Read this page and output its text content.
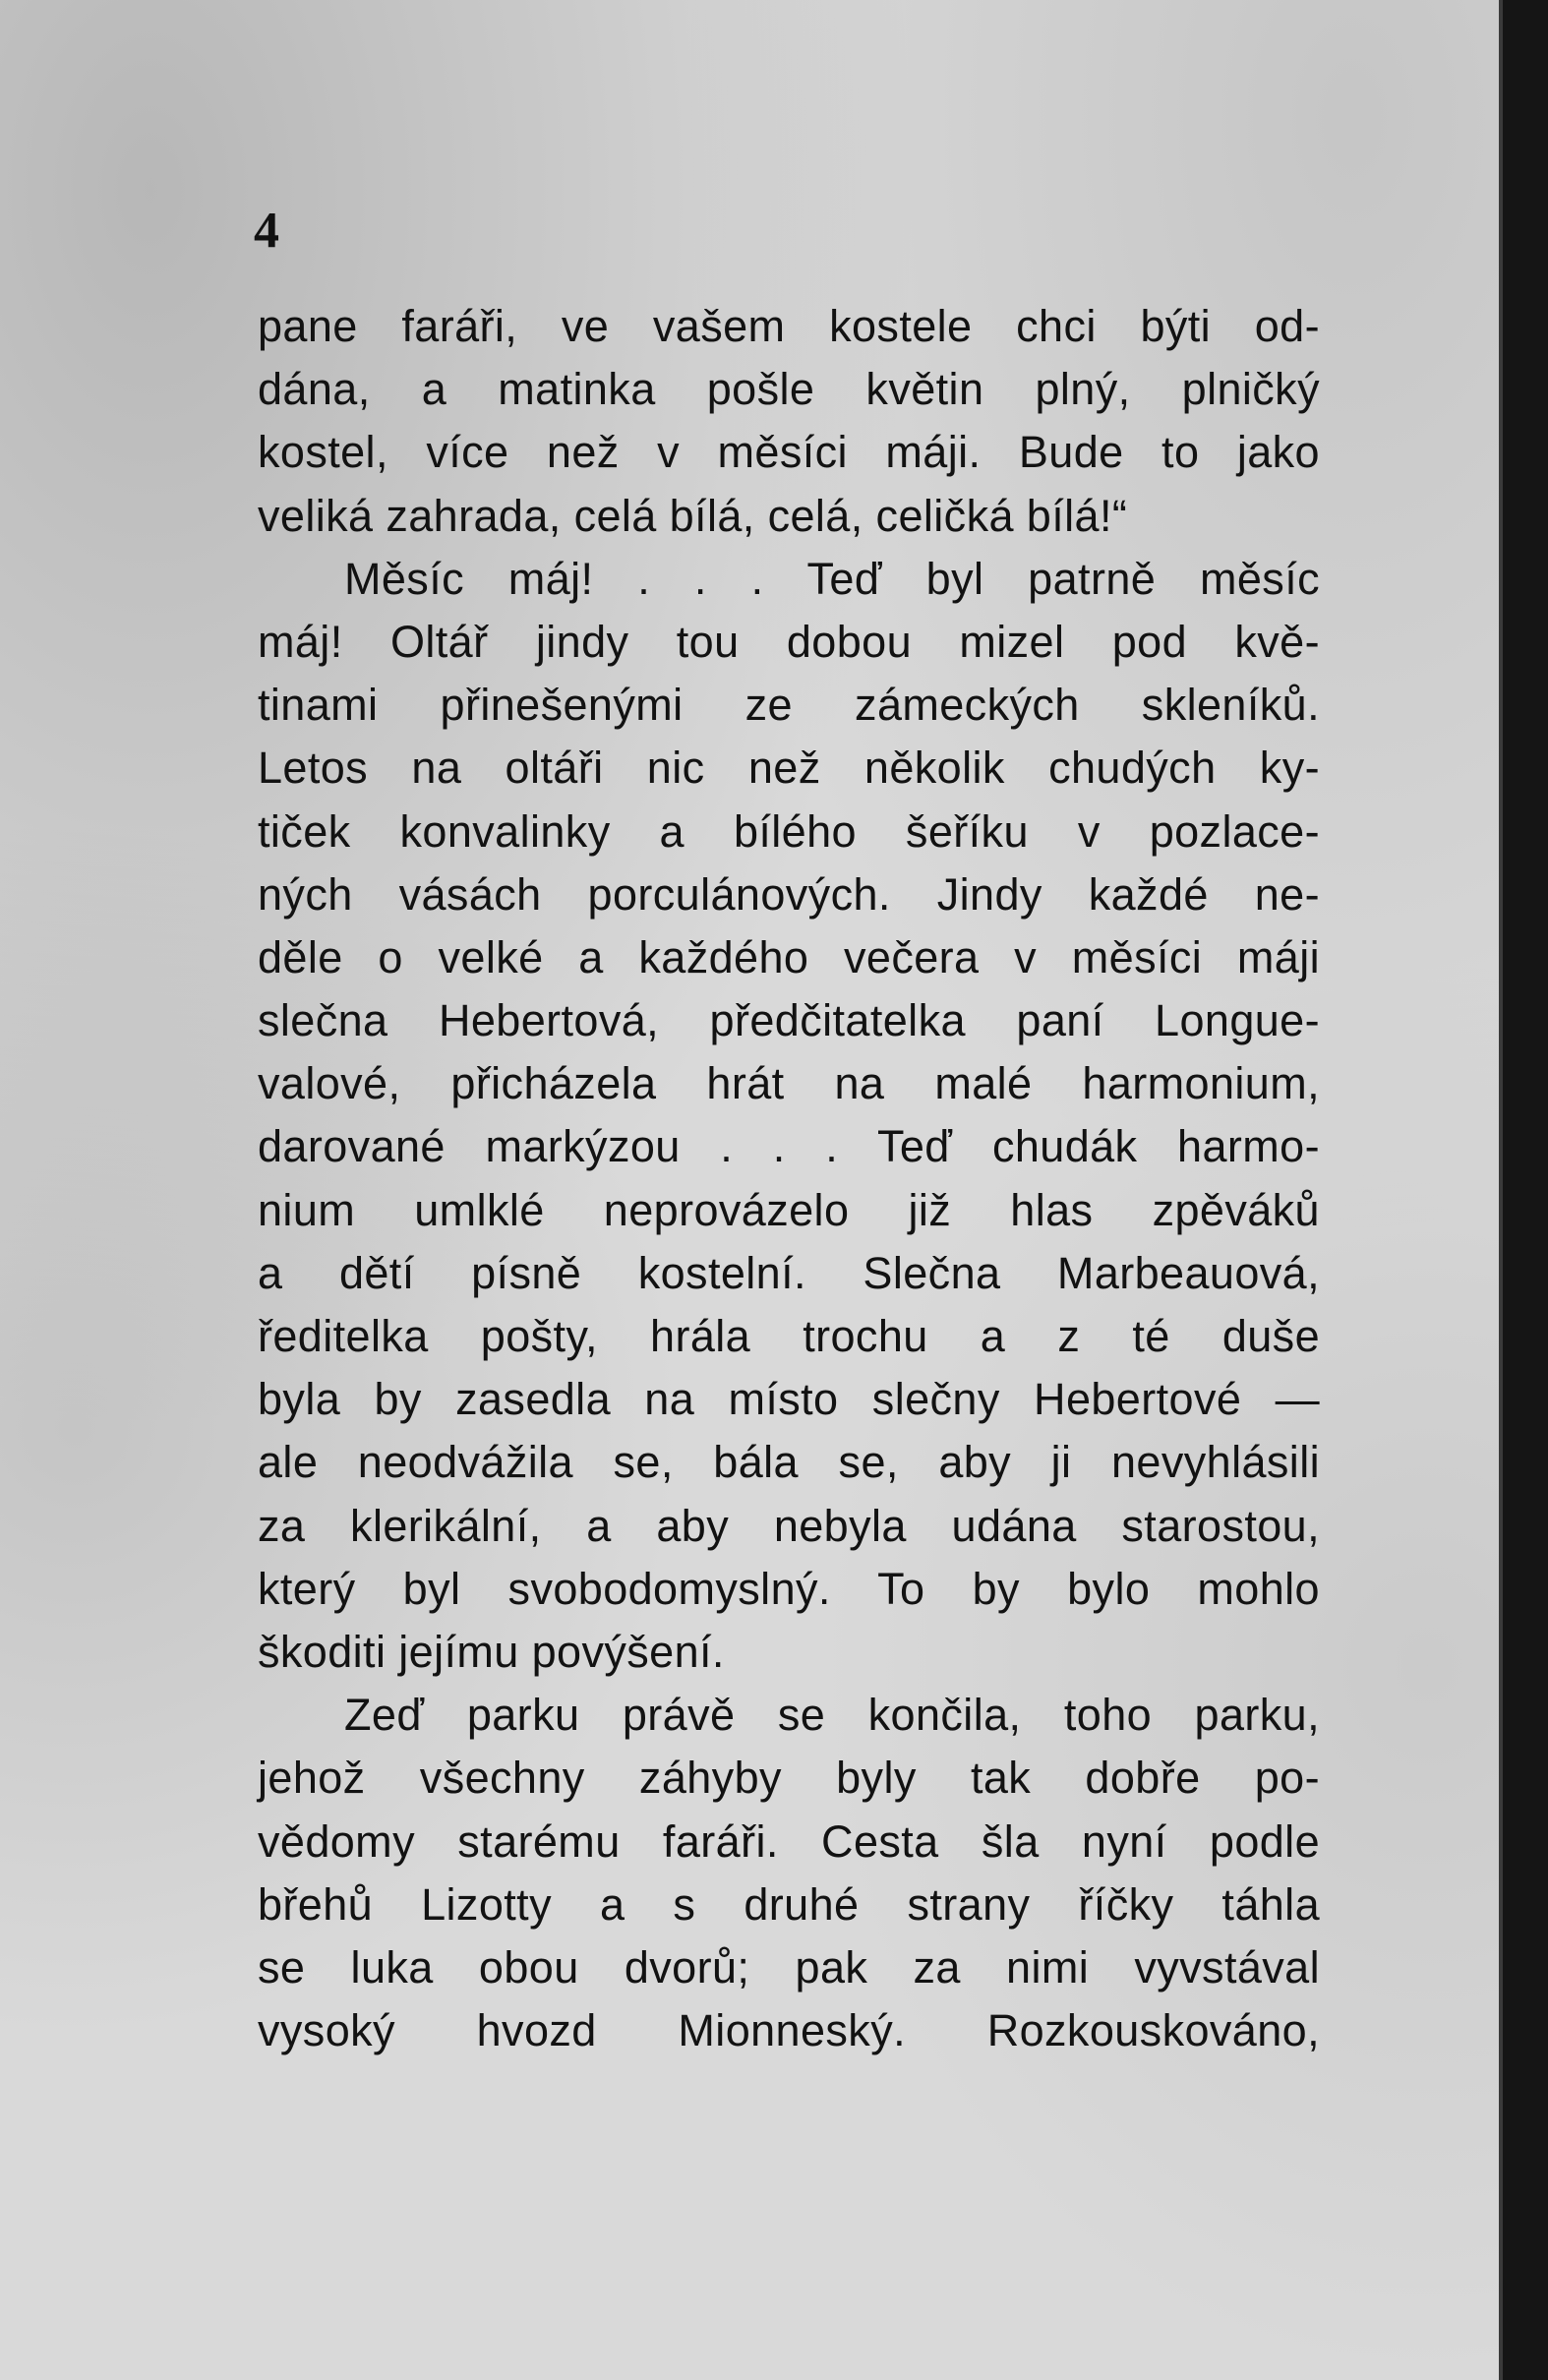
4
pane faráři, ve vašem kostele chci býti od-
dána, a matinka pošle květin plný, plničký
kostel, více než v měsíci máji. Bude to jako
veliká zahrada, celá bílá, celá, celičká bílá!“
Měsíc máj! . . . Teď byl patrně měsíc
máj! Oltář jindy tou dobou mizel pod kvě-
tinami přinešenými ze zámeckých skleníků.
Letos na oltáři nic než několik chudých ky-
tiček konvalinky a bílého šeříku v pozlace-
ných vásách porculánových. Jindy každé ne-
děle o velké a každého večera v měsíci máji
slečna Hebertová, předčitatelka paní Longue-
valové, přicházela hrát na malé harmonium,
darované markýzou . . . Teď chudák harmo-
nium umlklé neprovázelo již hlas zpěváků
a dětí písně kostelní. Slečna Marbeauová,
ředitelka pošty, hrála trochu a z té duše
byla by zasedla na místo slečny Hebertové —
ale neodvážila se, bála se, aby ji nevyhlásili
za klerikální, a aby nebyla udána starostou,
který byl svobodomyslný. To by bylo mohlo
škoditi jejímu povýšení.
Zeď parku právě se končila, toho parku,
jehož všechny záhyby byly tak dobře po-
vědomy starému faráři. Cesta šla nyní podle
břehů Lizotty a s druhé strany říčky táhla
se luka obou dvorů; pak za nimi vyvstával
vysoký hvozd Mionneský. Rozkouskováno,
